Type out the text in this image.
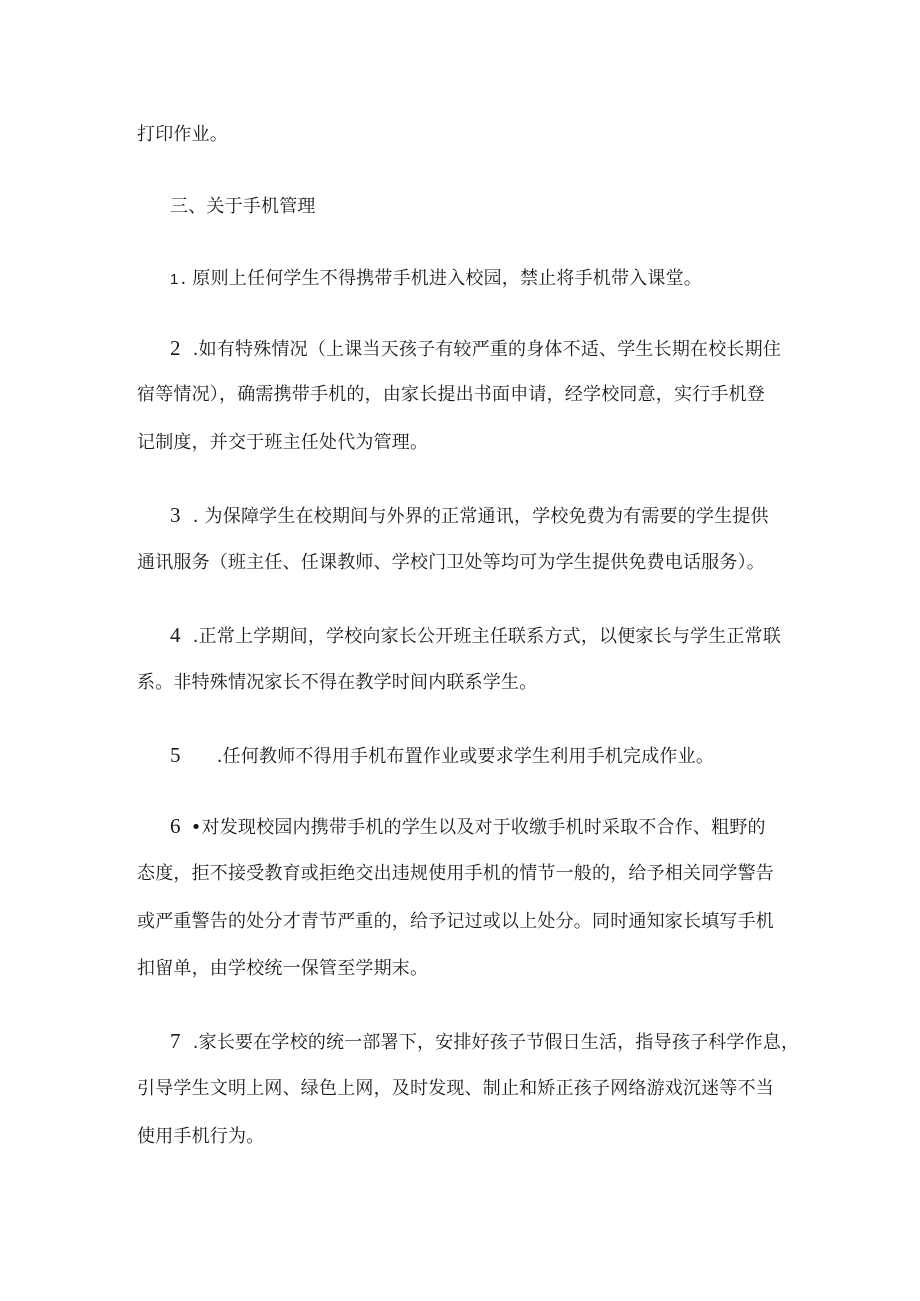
打印作业。
三、关于手机管理
1 . 原则上任何学生不得携带手机进入校园，禁止将手机带入课堂。
2 .如有特殊情况（上课当天孩子有较严重的身体不适、学生长期在校长期住
宿等情况），确需携带手机的，由家长提出书面申请，经学校同意，实行手机登
记制度，并交于班主任处代为管理。
3 . 为保障学生在校期间与外界的正常通讯，学校免费为有需要的学生提供
通讯服务（班主任、任课教师、学校门卫处等均可为学生提供免费电话服务）。
4 .正常上学期间，学校向家长公开班主任联系方式，以便家长与学生正常联
系。非特殊情况家长不得在教学时间内联系学生。
5 .任何教师不得用手机布置作业或要求学生利用手机完成作业。
6 •对发现校园内携带手机的学生以及对于收缴手机时采取不合作、粗野的
态度，拒不接受教育或拒绝交出违规使用手机的情节一般的，给予相关同学警告
或严重警告的处分才青节严重的，给予记过或以上处分。同时通知家长填写手机
扣留单，由学校统一保管至学期末。
7 .家长要在学校的统一部署下，安排好孩子节假日生活，指导孩子科学作息，
引导学生文明上网、绿色上网，及时发现、制止和矫正孩子网络游戏沉迷等不当
使用手机行为。
